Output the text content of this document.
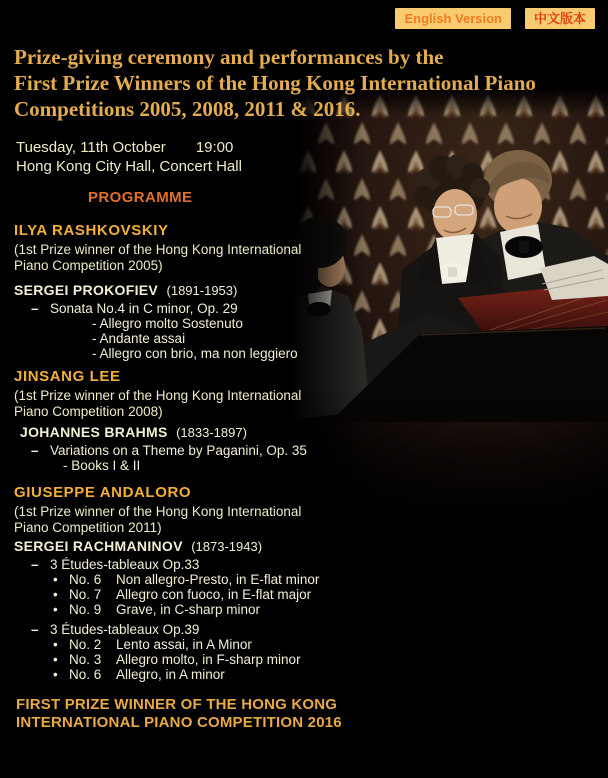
English Version	中文版本
Prize-giving ceremony and performances by the
First Prize Winners of the Hong Kong International Piano
Competitions 2005, 2008, 2011 & 2016.
Tuesday, 11th October 19:00
Hong Kong City Hall, Concert Hall
PROGRAMME
ILYA RASHKOVSKIY
(1st Prize winner of the Hong Kong International
Piano Competition 2005)
SERGEI PROKOFIEV (1891-1953)
– Sonata No.4 in C minor, Op. 29
- Allegro molto Sostenuto
- Andante assai
- Allegro con brio, ma non leggiero
JINSANG LEE
(1st Prize winner of the Hong Kong International
Piano Competition 2008)
JOHANNES BRAHMS (1833-1897)
– Variations on a Theme by Paganini, Op. 35
- Books I & II
GIUSEPPE ANDALORO
(1st Prize winner of the Hong Kong International
Piano Competition 2011)
SERGEI RACHMANINOV (1873-1943)
– 3 Études-tableaux Op.33
• No. 6	Non allegro-Presto, in E-flat minor
• No. 7	Allegro con fuoco, in E-flat major
• No. 9	Grave, in C-sharp minor
– 3 Études-tableaux Op.39
• No. 2	Lento assai, in A Minor
• No. 3	Allegro molto, in F-sharp minor
• No. 6	Allegro, in A minor
FIRST PRIZE WINNER OF THE HONG KONG
INTERNATIONAL PIANO COMPETITION 2016
